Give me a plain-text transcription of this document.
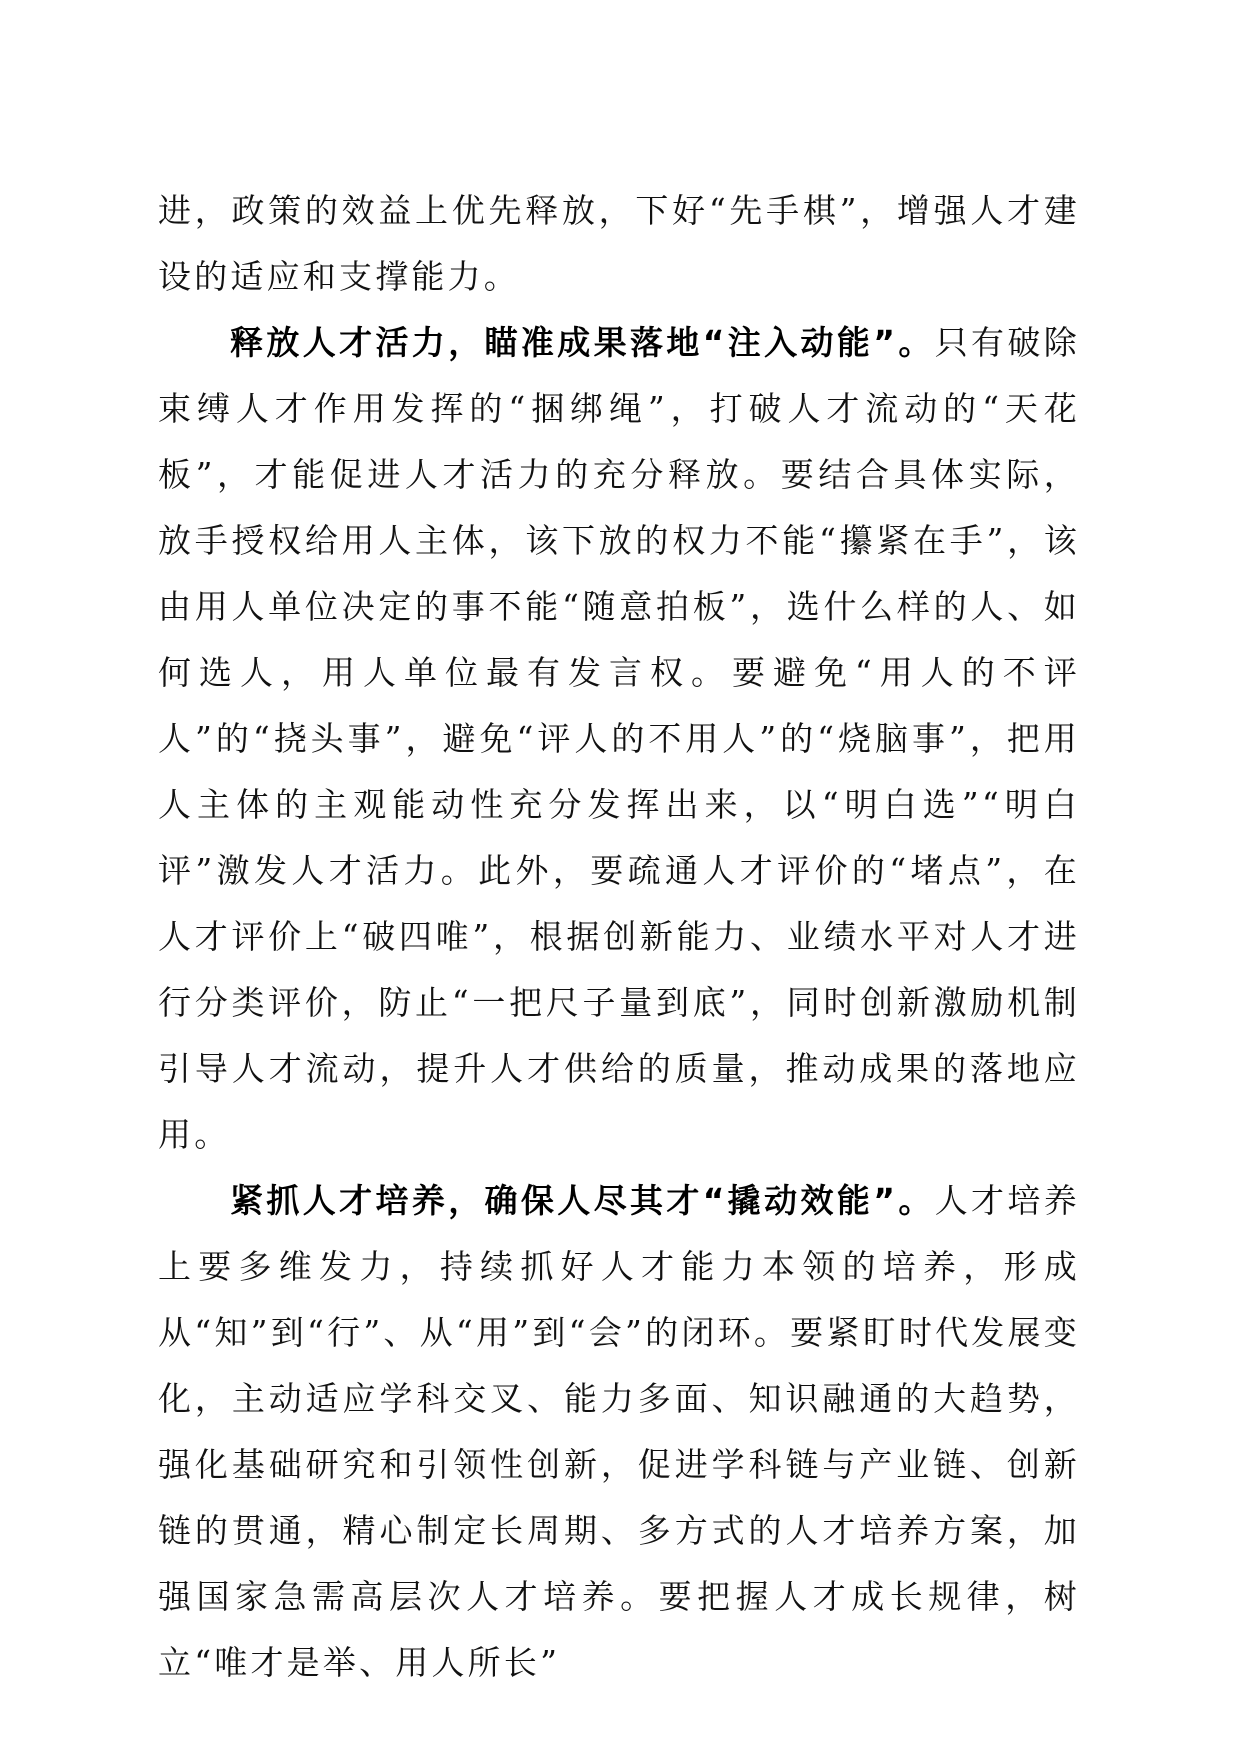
进，政策的效益上优先释放，下好“先手棋”，增强人才建设的适应和支撑能力。

释放人才活力，瞄准成果落地“注入动能”。只有破除束缚人才作用发挥的“捆绑绳”，打破人才流动的“天花板”，才能促进人才活力的充分释放。要结合具体实际，放手授权给用人主体，该下放的权力不能“攥紧在手”，该由用人单位决定的事不能“随意拍板”，选什么样的人、如何选人，用人单位最有发言权。要避免“用人的不评人”的“挠头事”，避免“评人的不用人”的“烧脑事”，把用人主体的主观能动性充分发挥出来，以“明白选”“明白评”激发人才活力。此外，要疏通人才评价的“堵点”，在人才评价上“破四唯”，根据创新能力、业绩水平对人才进行分类评价，防止“一把尺子量到底”，同时创新激励机制引导人才流动，提升人才供给的质量，推动成果的落地应用。

紧抓人才培养，确保人尽其才“撬动效能”。人才培养上要多维发力，持续抓好人才能力本领的培养，形成从“知”到“行”、从“用”到“会”的闭环。要紧盯时代发展变化，主动适应学科交叉、能力多面、知识融通的大趋势，强化基础研究和引领性创新，促进学科链与产业链、创新链的贯通，精心制定长周期、多方式的人才培养方案，加强国家急需高层次人才培养。要把握人才成长规律，树立“唯才是举、用人所长”
